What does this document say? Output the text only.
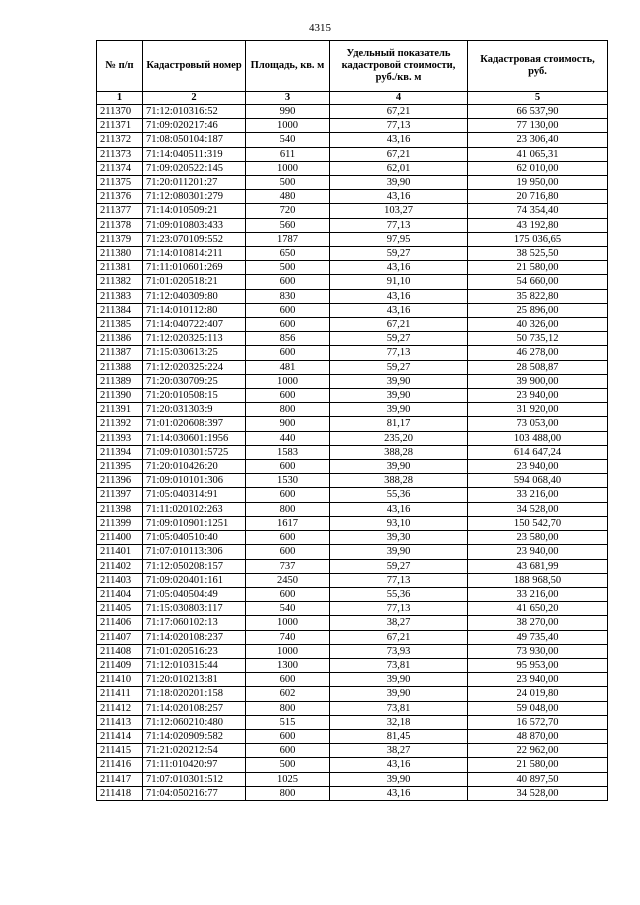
4315
№ п/п	Кадастровый номер	Площадь, кв. м	Удельный показатель кадастровой стоимости, руб./кв. м	Кадастровая стоимость, руб.
1	2	3	4	5
211370	71:12:010316:52	990	67,21	66 537,90
211371	71:09:020217:46	1000	77,13	77 130,00
211372	71:08:050104:187	540	43,16	23 306,40
211373	71:14:040511:319	611	67,21	41 065,31
211374	71:09:020522:145	1000	62,01	62 010,00
211375	71:20:011201:27	500	39,90	19 950,00
211376	71:12:080301:279	480	43,16	20 716,80
211377	71:14:010509:21	720	103,27	74 354,40
211378	71:09:010803:433	560	77,13	43 192,80
211379	71:23:070109:552	1787	97,95	175 036,65
211380	71:14:010814:211	650	59,27	38 525,50
211381	71:11:010601:269	500	43,16	21 580,00
211382	71:01:020518:21	600	91,10	54 660,00
211383	71:12:040309:80	830	43,16	35 822,80
211384	71:14:010112:80	600	43,16	25 896,00
211385	71:14:040722:407	600	67,21	40 326,00
211386	71:12:020325:113	856	59,27	50 735,12
211387	71:15:030613:25	600	77,13	46 278,00
211388	71:12:020325:224	481	59,27	28 508,87
211389	71:20:030709:25	1000	39,90	39 900,00
211390	71:20:010508:15	600	39,90	23 940,00
211391	71:20:031303:9	800	39,90	31 920,00
211392	71:01:020608:397	900	81,17	73 053,00
211393	71:14:030601:1956	440	235,20	103 488,00
211394	71:09:010301:5725	1583	388,28	614 647,24
211395	71:20:010426:20	600	39,90	23 940,00
211396	71:09:010101:306	1530	388,28	594 068,40
211397	71:05:040314:91	600	55,36	33 216,00
211398	71:11:020102:263	800	43,16	34 528,00
211399	71:09:010901:1251	1617	93,10	150 542,70
211400	71:05:040510:40	600	39,30	23 580,00
211401	71:07:010113:306	600	39,90	23 940,00
211402	71:12:050208:157	737	59,27	43 681,99
211403	71:09:020401:161	2450	77,13	188 968,50
211404	71:05:040504:49	600	55,36	33 216,00
211405	71:15:030803:117	540	77,13	41 650,20
211406	71:17:060102:13	1000	38,27	38 270,00
211407	71:14:020108:237	740	67,21	49 735,40
211408	71:01:020516:23	1000	73,93	73 930,00
211409	71:12:010315:44	1300	73,81	95 953,00
211410	71:20:010213:81	600	39,90	23 940,00
211411	71:18:020201:158	602	39,90	24 019,80
211412	71:14:020108:257	800	73,81	59 048,00
211413	71:12:060210:480	515	32,18	16 572,70
211414	71:14:020909:582	600	81,45	48 870,00
211415	71:21:020212:54	600	38,27	22 962,00
211416	71:11:010420:97	500	43,16	21 580,00
211417	71:07:010301:512	1025	39,90	40 897,50
211418	71:04:050216:77	800	43,16	34 528,00
